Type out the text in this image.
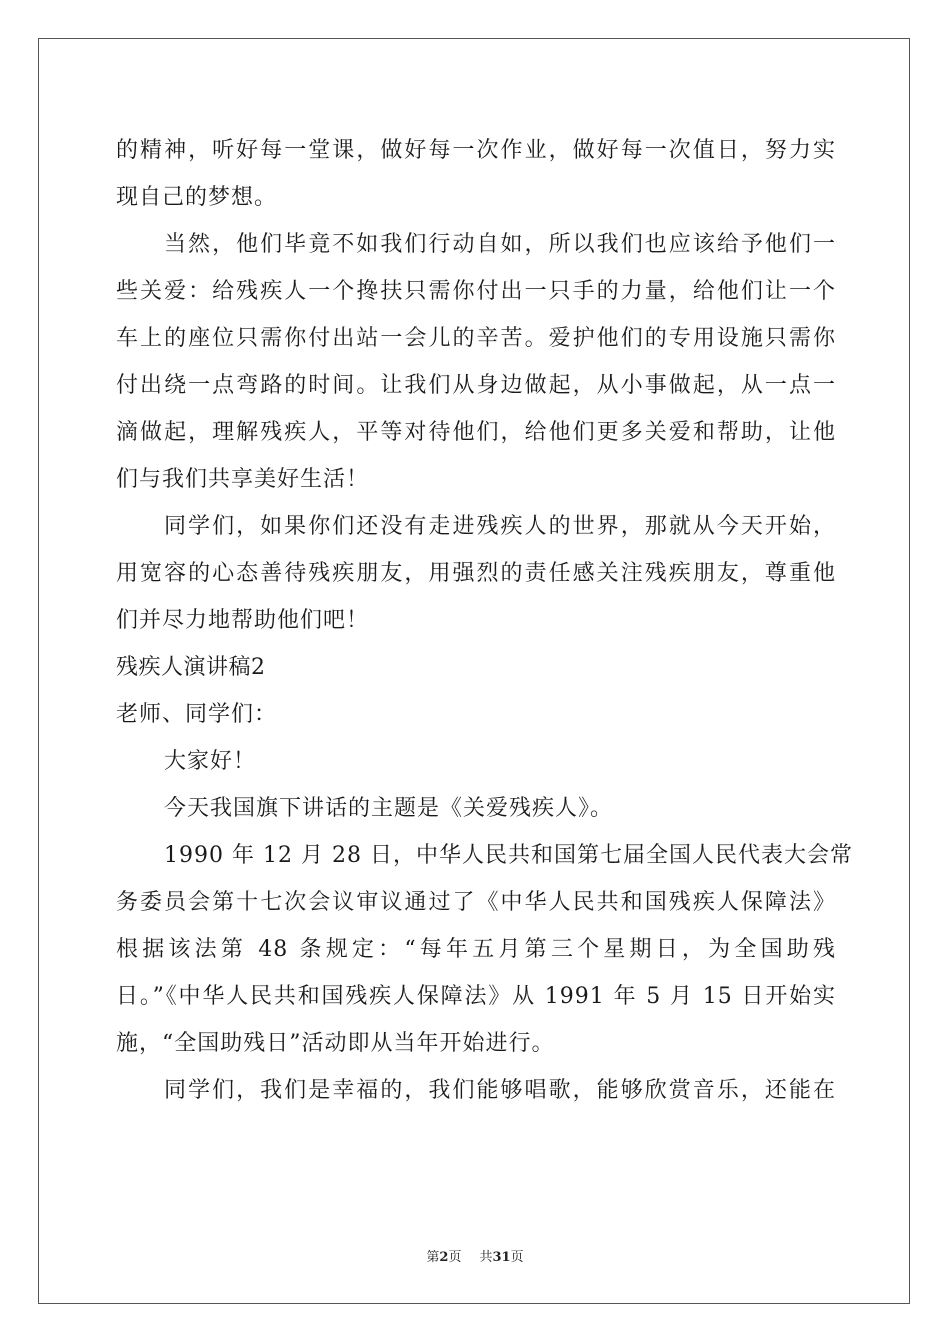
的精神，听好每一堂课，做好每一次作业，做好每一次值日，努力实
现自己的梦想。
当然，他们毕竟不如我们行动自如，所以我们也应该给予他们一
些关爱：给残疾人一个搀扶只需你付出一只手的力量，给他们让一个
车上的座位只需你付出站一会儿的辛苦。爱护他们的专用设施只需你
付出绕一点弯路的时间。让我们从身边做起，从小事做起，从一点一
滴做起，理解残疾人，平等对待他们，给他们更多关爱和帮助，让他
们与我们共享美好生活！
同学们，如果你们还没有走进残疾人的世界，那就从今天开始，
用宽容的心态善待残疾朋友，用强烈的责任感关注残疾朋友，尊重他
们并尽力地帮助他们吧！
残疾人演讲稿2
老师、同学们：
大家好！
今天我国旗下讲话的主题是《关爱残疾人》。
1990 年 12 月 28 日，中华人民共和国第七届全国人民代表大会常
务委员会第十七次会议审议通过了《中华人民共和国残疾人保障法》
根据该法第 48 条规定：“每年五月第三个星期日，为全国助残
日。”《中华人民共和国残疾人保障法》从 1991 年 5 月 15 日开始实
施，“全国助残日”活动即从当年开始进行。
同学们，我们是幸福的，我们能够唱歌，能够欣赏音乐，还能在
第2页 共31页
